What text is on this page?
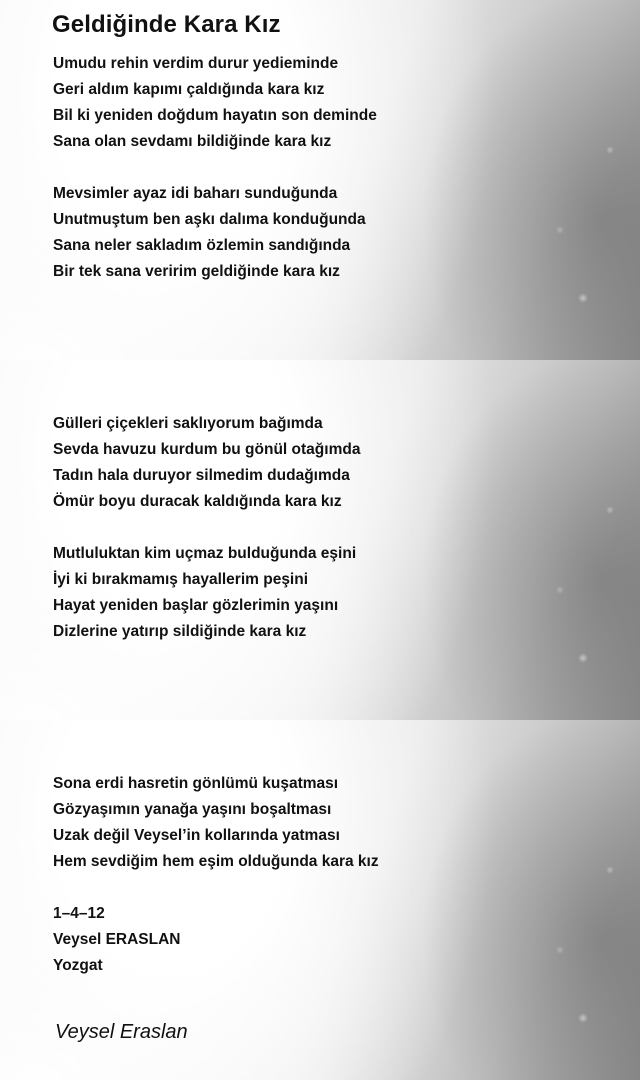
Geldiğinde Kara Kız
Umudu rehin verdim durur yedieminde
Geri aldım kapımı çaldığında kara kız
Bil ki yeniden doğdum hayatın son deminde
Sana olan sevdamı bildiğinde kara kız
Mevsimler ayaz idi baharı sunduğunda
Unutmuştum ben aşkı dalıma konduğunda
Sana neler sakladım özlemin sandığında
Bir tek sana veririm geldiğinde kara kız
Gülleri çiçekleri saklıyorum bağımda
Sevda havuzu kurdum bu gönül otağımda
Tadın hala duruyor silmedim dudağımda
Ömür boyu duracak kaldığında kara kız
Mutluluktan kim uçmaz bulduğunda eşini
İyi ki bırakmamış hayallerim peşini
Hayat yeniden başlar gözlerimin yaşını
Dizlerine yatırıp sildiğinde kara kız
Sona erdi hasretin gönlümü kuşatması
Gözyaşımın yanağa yaşını boşaltması
Uzak değil Veysel’in kollarında yatması
Hem sevdiğim hem eşim olduğunda kara kız
1–4–12
Veysel ERASLAN
Yozgat
Veysel Eraslan
